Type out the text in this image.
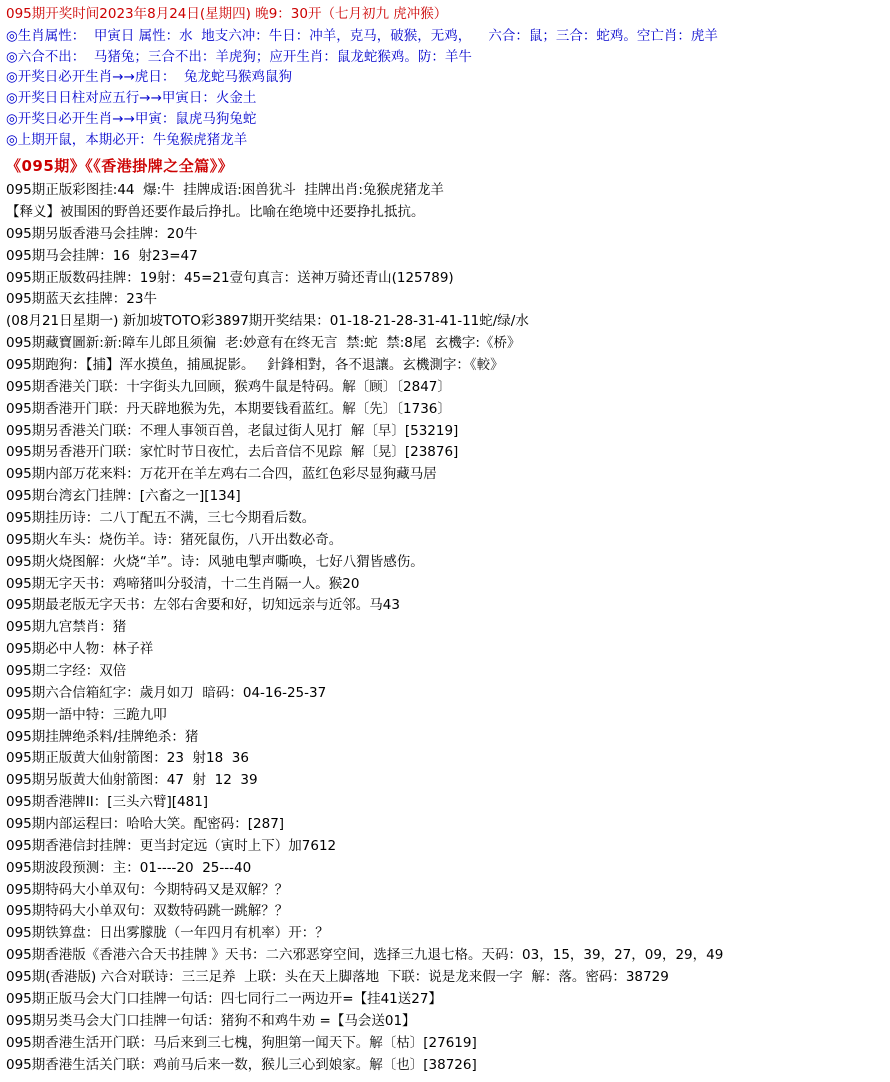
095期开奖时间2023年8月24日(星期四) 晚9：30开（七月初九 虎冲猴）
◎生肖属性：  甲寅日 属性：水  地支六冲：牛日：冲羊，克马，破猴，无鸡，    六合：鼠；三合：蛇鸡。空亡肖：虎羊
◎六合不出：  马猪兔；三合不出：羊虎狗；应开生肖：鼠龙蛇猴鸡。防：羊牛
◎开奖日必开生肖→→虎日：  兔龙蛇马猴鸡鼠狗
◎开奖日日柱对应五行→→甲寅日：火金土
◎开奖日必开生肖→→甲寅：鼠虎马狗兔蛇
◎上期开鼠，本期必开：牛兔猴虎猪龙羊
《095期》《《香港掛牌之全篇》》
095期正版彩图挂:44  爆:牛  挂牌成语:困兽犹斗  挂牌出肖:兔猴虎猪龙羊
【释义】被围困的野兽还要作最后挣扎。比喻在绝境中还要挣扎抵抗。
095期另版香港马会挂牌：20牛
095期马会挂牌：16  射23=47
095期正版数码挂牌：19射：45=21壹句真言：送神万骑还青山(125789)
095期蓝天玄挂牌：23牛
(08月21日星期一) 新加坡TOTO彩3897期开奖结果：01-18-21-28-31-41-11蛇/绿/水
095期藏寶圖新:新:障车儿郎且须徧  老:妙意有在终无言  禁:蛇  禁:8尾  玄機字:《桥》
095期跑狗：【捕】浑水摸鱼，捕風捉影。   針鋒相對，各不退讓。玄機測字：《較》
095期香港关门联：十字街头九回顾，猴鸡牛鼠是特码。解〔顾〕〔2847〕
095期香港开门联：丹天辟地猴为先，本期要钱看蓝红。解〔先〕〔1736〕
095期另香港关门联：不理人事领百兽，老鼠过街人见打  解〔早〕[53219]
095期另香港开门联：家忙时节日夜忙，去后音信不见踪  解〔晃〕[23876]
095期内部万花来料：万花开在羊左鸡右二合四，蓝红色彩尽显狗藏马居
095期台湾玄门挂牌：[六畜之一][134]
095期挂历诗：二八丁配五不满，三七今期看后数。
095期火车头：烧伤羊。诗：猪死鼠伤，八开出数必奇。
095期火烧图解：火烧“羊”。诗：风驰电掣声嘶唤，七好八猬皆感伤。
095期无字天书：鸡啼猪叫分驳清，十二生肖隔一人。猴20
095期最老版无字天书：左邻右舍要和好，切知远亲与近邻。马43
095期九宫禁肖：猪
095期必中人物：林子祥
095期二字经：双倍
095期六合信箱紅字：歲月如刀  暗码：04-16-25-37
095期一語中特：三跪九叩
095期挂牌绝杀料/挂牌绝杀：猪
095期正版黄大仙射箭图：23  射18  36
095期另版黄大仙射箭图：47  射  12  39
095期香港牌II：[三头六臂][481]
095期内部运程曰：哈哈大笑。配密码：[287]
095期香港信封挂牌：更当封定远（寅时上下）加7612
095期波段预测：主：01----20  25---40
095期特码大小单双句：今期特码又是双解？？
095期特码大小单双句：双数特码跳一跳解？？
095期铁算盘：日出雾朦胧（一年四月有机率）开：？
095期香港版《香港六合天书挂牌 》天书：二六邪恶穿空间，选择三九退七格。天码：03，15，39，27，09，29，49
095期(香港版) 六合对联诗：三三足养  上联：头在天上脚落地  下联：说是龙来假一字  解：落。密码：38729
095期正版马会大门口挂牌一句话：四七同行二一两边开=【挂41送27】
095期另类马会大门口挂牌一句话：猪狗不和鸡牛劝 =【马会送01】
095期香港生活开门联：马后来到三七槐，狗胆第一闻天下。解〔枯〕[27619]
095期香港生活关门联：鸡前马后来一数，猴儿三心到娘家。解〔也〕[38726]
